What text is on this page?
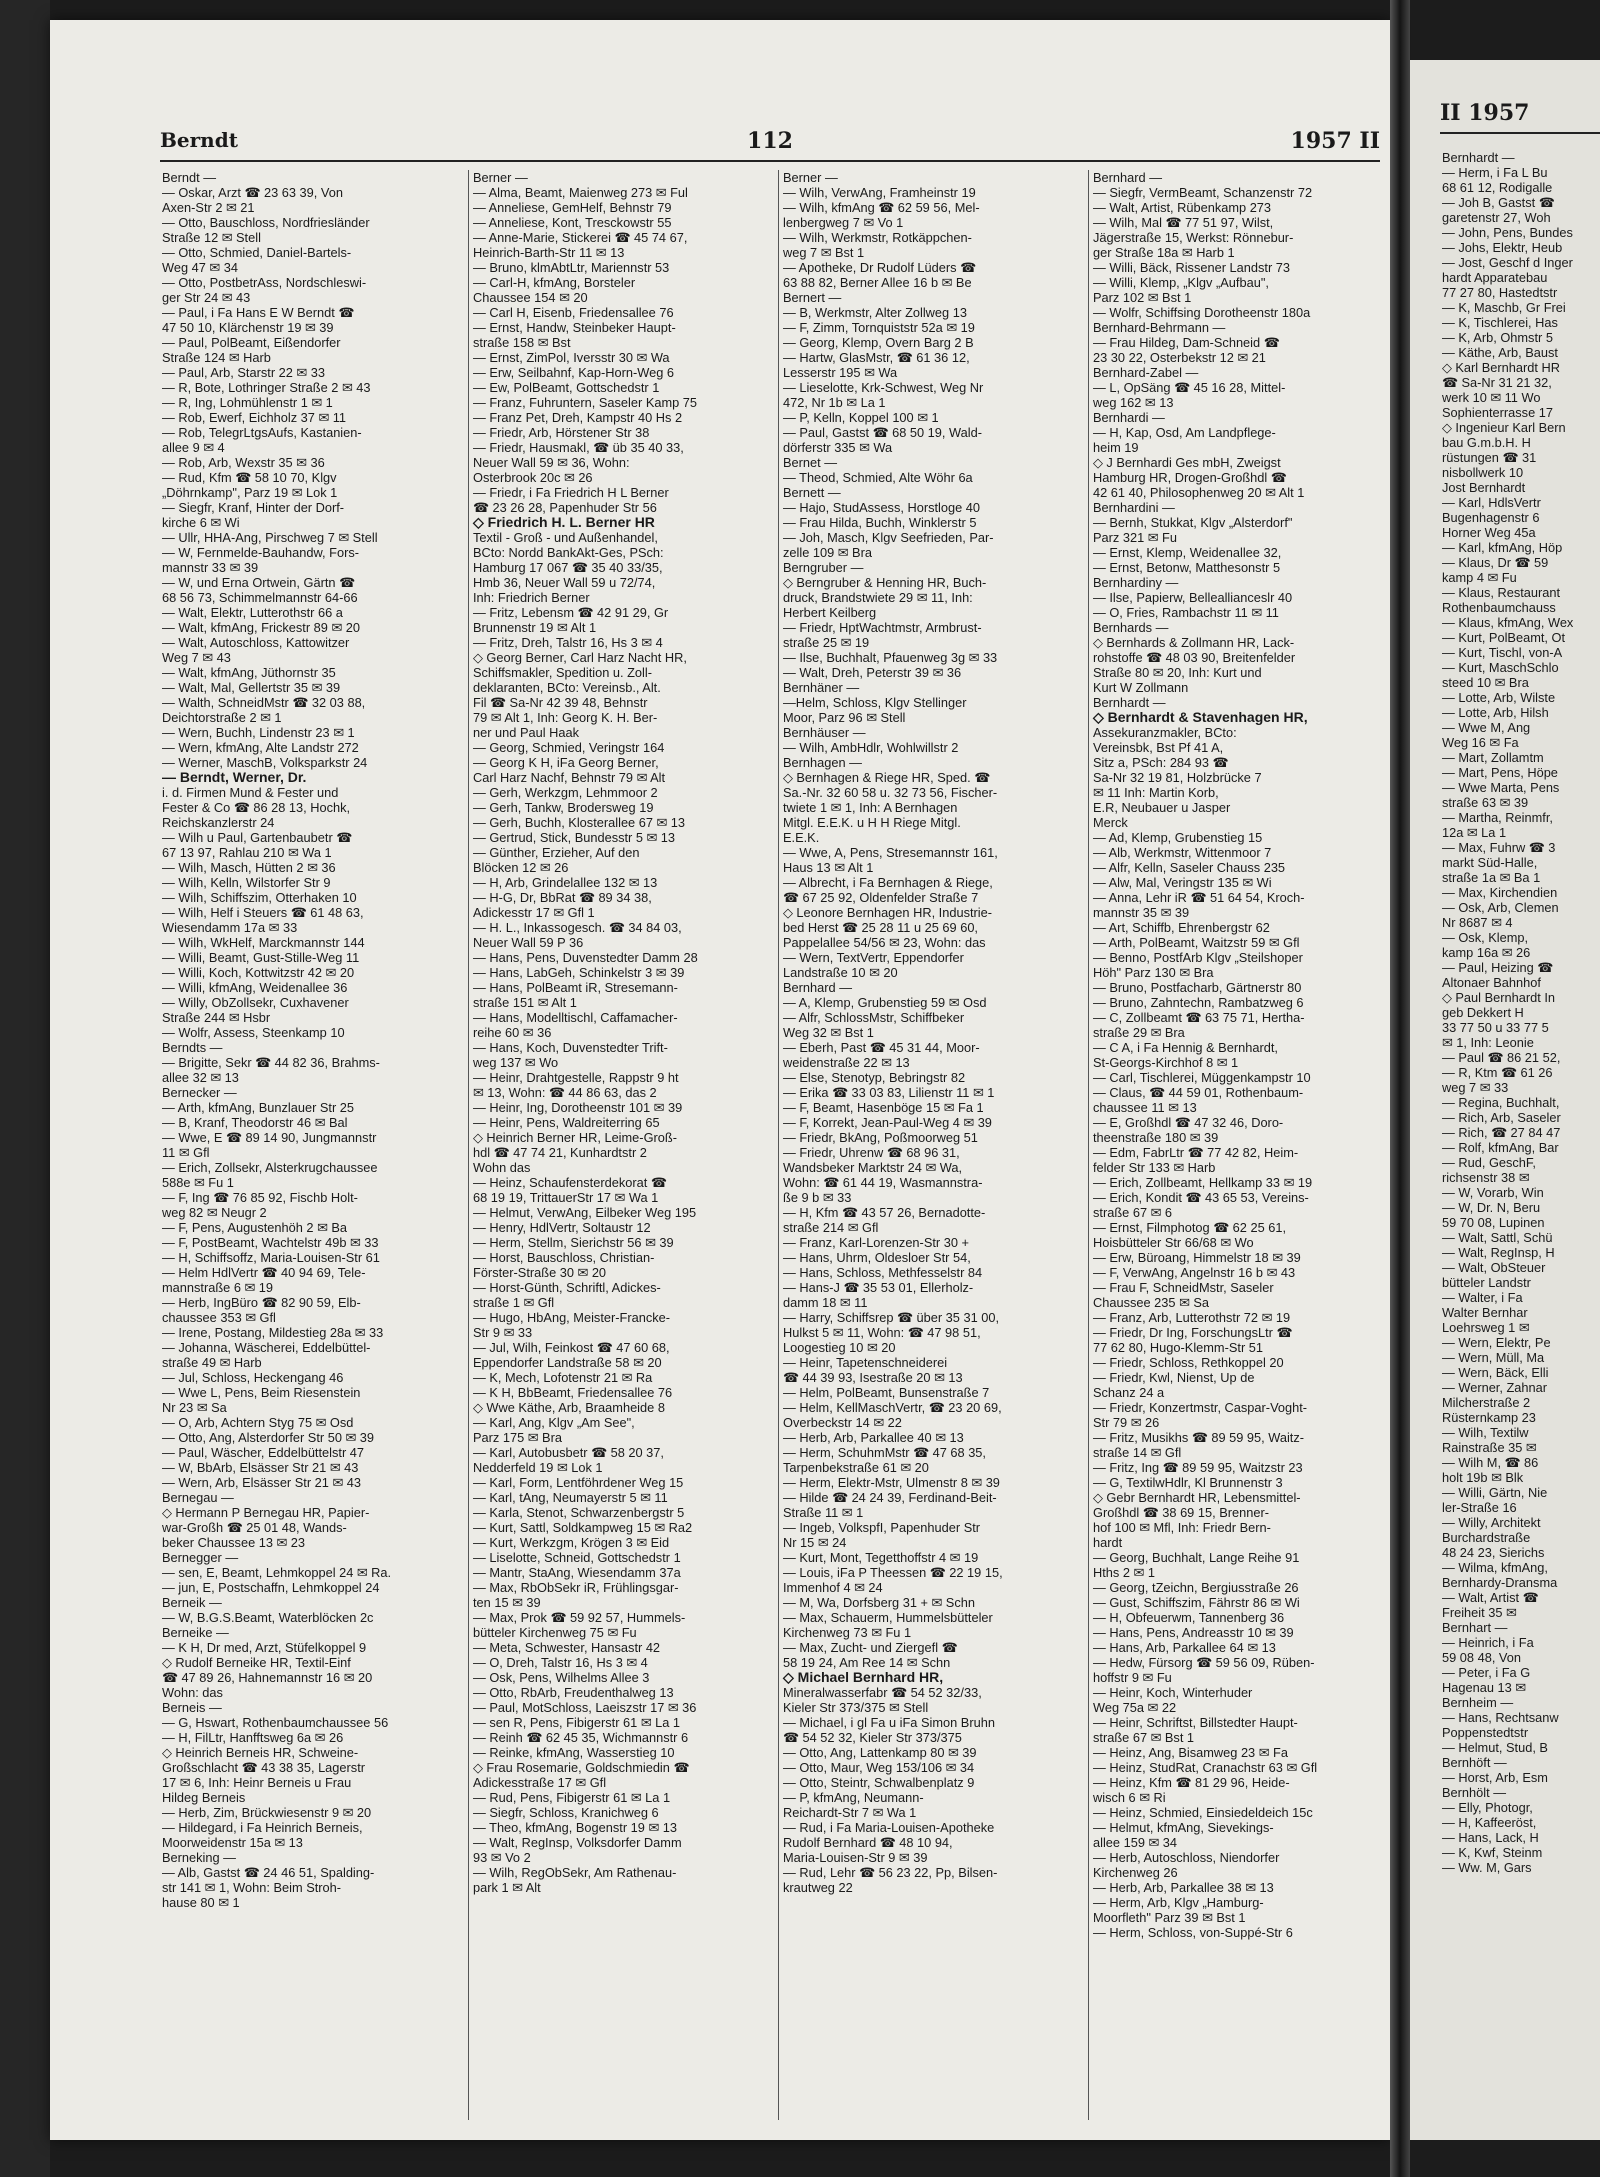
Berndt	112	1957 II
Berndt —
— Oskar, Arzt ☎ 23 63 39, Von
Axen-Str 2 ✉ 21
— Otto, Bauschloss, Nordfriesländer
Straße 12 ✉ Stell
— Otto, Schmied, Daniel-Bartels-
Weg 47 ✉ 34
— Otto, PostbetrAss, Nordschleswi-
ger Str 24 ✉ 43
— Paul, i Fa Hans E W Berndt ☎
47 50 10, Klärchenstr 19 ✉ 39
— Paul, PolBeamt, Eißendorfer
Straße 124 ✉ Harb
— Paul, Arb, Starstr 22 ✉ 33
— R, Bote, Lothringer Straße 2 ✉ 43
— R, Ing, Lohmühlenstr 1 ✉ 1
— Rob, Ewerf, Eichholz 37 ✉ 11
— Rob, TelegrLtgsAufs, Kastanien-
allee 9 ✉ 4
— Rob, Arb, Wexstr 35 ✉ 36
— Rud, Kfm ☎ 58 10 70, Klgv
„Döhrnkamp", Parz 19 ✉ Lok 1
— Siegfr, Kranf, Hinter der Dorf-
kirche 6 ✉ Wi
— Ullr, HHA-Ang, Pirschweg 7 ✉ Stell
— W, Fernmelde-Bauhandw, Fors-
mannstr 33 ✉ 39
— W, und Erna Ortwein, Gärtn ☎
68 56 73, Schimmelmannstr 64-66
— Walt, Elektr, Lutterothstr 66 a
— Walt, kfmAng, Frickestr 89 ✉ 20
— Walt, Autoschloss, Kattowitzer
Weg 7 ✉ 43
— Walt, kfmAng, Jüthornstr 35
— Walt, Mal, Gellertstr 35 ✉ 39
— Walth, SchneidMstr ☎ 32 03 88,
Deichtorstraße 2 ✉ 1
— Wern, Buchh, Lindenstr 23 ✉ 1
— Wern, kfmAng, Alte Landstr 272
— Werner, MaschB, Volksparkstr 24
— Berndt, Werner, Dr.
i. d. Firmen Mund & Fester und
Fester & Co ☎ 86 28 13, Hochk,
Reichskanzlerstr 24
— Wilh u Paul, Gartenbaubetr ☎
67 13 97, Rahlau 210 ✉ Wa 1
— Wilh, Masch, Hütten 2 ✉ 36
— Wilh, Kelln, Wilstorfer Str 9
— Wilh, Schiffszim, Otterhaken 10
— Wilh, Helf i Steuers ☎ 61 48 63,
Wiesendamm 17a ✉ 33
— Wilh, WkHelf, Marckmannstr 144
— Willi, Beamt, Gust-Stille-Weg 11
— Willi, Koch, Kottwitzstr 42 ✉ 20
— Willi, kfmAng, Weidenallee 36
— Willy, ObZollsekr, Cuxhavener
Straße 244 ✉ Hsbr
— Wolfr, Assess, Steenkamp 10
Berndts —
— Brigitte, Sekr ☎ 44 82 36, Brahms-
allee 32 ✉ 13
Bernecker —
— Arth, kfmAng, Bunzlauer Str 25
— B, Kranf, Theodorstr 46 ✉ Bal
— Wwe, E ☎ 89 14 90, Jungmannstr
11 ✉ Gfl
— Erich, Zollsekr, Alsterkrugchaussee
588e ✉ Fu 1
— F, Ing ☎ 76 85 92, Fischb Holt-
weg 82 ✉ Neugr 2
— F, Pens, Augustenhöh 2 ✉ Ba
— F, PostBeamt, Wachtelstr 49b ✉ 33
— H, Schiffsoffz, Maria-Louisen-Str 61
— Helm HdlVertr ☎ 40 94 69, Tele-
mannstraße 6 ✉ 19
— Herb, IngBüro ☎ 82 90 59, Elb-
chaussee 353 ✉ Gfl
— Irene, Postang, Mildestieg 28a ✉ 33
— Johanna, Wäscherei, Eddelbüttel-
straße 49 ✉ Harb
— Jul, Schloss, Heckengang 46
— Wwe L, Pens, Beim Riesenstein
Nr 23 ✉ Sa
— O, Arb, Achtern Styg 75 ✉ Osd
— Otto, Ang, Alsterdorfer Str 50 ✉ 39
— Paul, Wäscher, Eddelbüttelstr 47
— W, BbArb, Elsässer Str 21 ✉ 43
— Wern, Arb, Elsässer Str 21 ✉ 43
Bernegau —
◇ Hermann P Bernegau HR, Papier-
war-Großh ☎ 25 01 48, Wands-
beker Chaussee 13 ✉ 23
Bernegger —
— sen, E, Beamt, Lehmkoppel 24 ✉ Ra.
— jun, E, Postschaffn, Lehmkoppel 24
Berneik —
— W, B.G.S.Beamt, Waterblöcken 2c
Berneike —
— K H, Dr med, Arzt, Stüfelkoppel 9
◇ Rudolf Berneike HR, Textil-Einf
☎ 47 89 26, Hahnemannstr 16 ✉ 20
Wohn: das
Berneis —
— G, Hswart, Rothenbaumchaussee 56
— H, FilLtr, Hanfftsweg 6a ✉ 26
◇ Heinrich Berneis HR, Schweine-
Großschlacht ☎ 43 38 35, Lagerstr
17 ✉ 6, Inh: Heinr Berneis u Frau
Hildeg Berneis
— Herb, Zim, Brückwiesenstr 9 ✉ 20
— Hildegard, i Fa Heinrich Berneis,
Moorweidenstr 15a ✉ 13
Berneking —
— Alb, Gastst ☎ 24 46 51, Spalding-
str 141 ✉ 1, Wohn: Beim Stroh-
hause 80 ✉ 1
Berner —
— Alma, Beamt, Maienweg 273 ✉ Ful
— Anneliese, GemHelf, Behnstr 79
— Anneliese, Kont, Tresckowstr 55
— Anne-Marie, Stickerei ☎ 45 74 67,
Heinrich-Barth-Str 11 ✉ 13
— Bruno, klmAbtLtr, Mariennstr 53
— Carl-H, kfmAng, Borsteler
Chaussee 154 ✉ 20
— Carl H, Eisenb, Friedensallee 76
— Ernst, Handw, Steinbeker Haupt-
straße 158 ✉ Bst
— Ernst, ZimPol, Iversstr 30 ✉ Wa
— Erw, Seilbahnf, Kap-Horn-Weg 6
— Ew, PolBeamt, Gottschedstr 1
— Franz, Fuhruntern, Saseler Kamp 75
— Franz Pet, Dreh, Kampstr 40 Hs 2
— Friedr, Arb, Hörstener Str 38
— Friedr, Hausmakl, ☎ üb 35 40 33,
Neuer Wall 59 ✉ 36, Wohn:
Osterbrook 20c ✉ 26
— Friedr, i Fa Friedrich H L Berner
☎ 23 26 28, Papenhuder Str 56
◇ Friedrich H. L. Berner HR
Textil - Groß - und Außenhandel,
BCto: Nordd BankAkt-Ges, PSch:
Hamburg 17 067 ☎ 35 40 33/35,
Hmb 36, Neuer Wall 59 u 72/74,
Inh: Friedrich Berner
— Fritz, Lebensm ☎ 42 91 29, Gr
Brunnenstr 19 ✉ Alt 1
— Fritz, Dreh, Talstr 16, Hs 3 ✉ 4
◇ Georg Berner, Carl Harz Nacht HR,
Schiffsmakler, Spedition u. Zoll-
deklaranten, BCto: Vereinsb., Alt.
Fil ☎ Sa-Nr 42 39 48, Behnstr
79 ✉ Alt 1, Inh: Georg K. H. Ber-
ner und Paul Haak
— Georg, Schmied, Veringstr 164
— Georg K H, iFa Georg Berner,
Carl Harz Nachf, Behnstr 79 ✉ Alt
— Gerh, Werkzgm, Lehmmoor 2
— Gerh, Tankw, Brodersweg 19
— Gerh, Buchh, Klosterallee 67 ✉ 13
— Gertrud, Stick, Bundesstr 5 ✉ 13
— Günther, Erzieher, Auf den
Blöcken 12 ✉ 26
— H, Arb, Grindelallee 132 ✉ 13
— H-G, Dr, BbRat ☎ 89 34 38,
Adickesstr 17 ✉ Gfl 1
— H. L., Inkassogesch. ☎ 34 84 03,
Neuer Wall 59 P 36
— Hans, Pens, Duvenstedter Damm 28
— Hans, LabGeh, Schinkelstr 3 ✉ 39
— Hans, PolBeamt iR, Stresemann-
straße 151 ✉ Alt 1
— Hans, Modelltischl, Caffamacher-
reihe 60 ✉ 36
— Hans, Koch, Duvenstedter Trift-
weg 137 ✉ Wo
— Heinr, Drahtgestelle, Rappstr 9 ht
✉ 13, Wohn: ☎ 44 86 63, das 2
— Heinr, Ing, Dorotheenstr 101 ✉ 39
— Heinr, Pens, Waldreiterring 65
◇ Heinrich Berner HR, Leime-Groß-
hdl ☎ 47 74 21, Kunhardtstr 2
Wohn das
— Heinz, Schaufensterdekorat ☎
68 19 19, TrittauerStr 17 ✉ Wa 1
— Helmut, VerwAng, Eilbeker Weg 195
— Henry, HdlVertr, Soltaustr 12
— Herm, Stellm, Sierichstr 56 ✉ 39
— Horst, Bauschloss, Christian-
Förster-Straße 30 ✉ 20
— Horst-Günth, Schriftl, Adickes-
straße 1 ✉ Gfl
— Hugo, HbAng, Meister-Francke-
Str 9 ✉ 33
— Jul, Wilh, Feinkost ☎ 47 60 68,
Eppendorfer Landstraße 58 ✉ 20
— K, Mech, Lofotenstr 21 ✉ Ra
— K H, BbBeamt, Friedensallee 76
◇ Wwe Käthe, Arb, Braamheide 8
— Karl, Ang, Klgv „Am See",
Parz 175 ✉ Bra
— Karl, Autobusbetr ☎ 58 20 37,
Nedderfeld 19 ✉ Lok 1
— Karl, Form, Lentföhrdener Weg 15
— Karl, tAng, Neumayerstr 5 ✉ 11
— Karla, Stenot, Schwarzenbergstr 5
— Kurt, Sattl, Soldkampweg 15 ✉ Ra2
— Kurt, Werkzgm, Krögen 3 ✉ Eid
— Liselotte, Schneid, Gottschedstr 1
— Mantr, StaAng, Wiesendamm 37a
— Max, RbObSekr iR, Frühlingsgar-
ten 15 ✉ 39
— Max, Prok ☎ 59 92 57, Hummels-
bütteler Kirchenweg 75 ✉ Fu
— Meta, Schwester, Hansastr 42
— O, Dreh, Talstr 16, Hs 3 ✉ 4
— Osk, Pens, Wilhelms Allee 3
— Otto, RbArb, Freudenthalweg 13
— Paul, MotSchloss, Laeiszstr 17 ✉ 36
— sen R, Pens, Fibigerstr 61 ✉ La 1
— Reinh ☎ 62 45 35, Wichmannstr 6
— Reinke, kfmAng, Wasserstieg 10
◇ Frau Rosemarie, Goldschmiedin ☎
Adickesstraße 17 ✉ Gfl
— Rud, Pens, Fibigerstr 61 ✉ La 1
— Siegfr, Schloss, Kranichweg 6
— Theo, kfmAng, Bogenstr 19 ✉ 13
— Walt, RegInsp, Volksdorfer Damm
93 ✉ Vo 2
— Wilh, RegObSekr, Am Rathenau-
park 1 ✉ Alt
Berner —
— Wilh, VerwAng, Framheinstr 19
— Wilh, kfmAng ☎ 62 59 56, Mel-
lenbergweg 7 ✉ Vo 1
— Wilh, Werkmstr, Rotkäppchen-
weg 7 ✉ Bst 1
— Apotheke, Dr Rudolf Lüders ☎
63 88 82, Berner Allee 16 b ✉ Be
Bernert —
— B, Werkmstr, Alter Zollweg 13
— F, Zimm, Tornquiststr 52a ✉ 19
— Georg, Klemp, Overn Barg 2 B
— Hartw, GlasMstr, ☎ 61 36 12,
Lesserstr 195 ✉ Wa
— Lieselotte, Krk-Schwest, Weg Nr
472, Nr 1b ✉ La 1
— P, Kelln, Koppel 100 ✉ 1
— Paul, Gastst ☎ 68 50 19, Wald-
dörferstr 335 ✉ Wa
Bernet —
— Theod, Schmied, Alte Wöhr 6a
Bernett —
— Hajo, StudAssess, Horstloge 40
— Frau Hilda, Buchh, Winklerstr 5
— Joh, Masch, Klgv Seefrieden, Par-
zelle 109 ✉ Bra
Berngruber —
◇ Berngruber & Henning HR, Buch-
druck, Brandstwiete 29 ✉ 11, Inh:
Herbert Keilberg
— Friedr, HptWachtmstr, Armbrust-
straße 25 ✉ 19
— Ilse, Buchhalt, Pfauenweg 3g ✉ 33
— Walt, Dreh, Peterstr 39 ✉ 36
Bernhäner —
—Helm, Schloss, Klgv Stellinger
Moor, Parz 96 ✉ Stell
Bernhäuser —
— Wilh, AmbHdlr, Wohlwillstr 2
Bernhagen —
◇ Bernhagen & Riege HR, Sped. ☎
Sa.-Nr. 32 60 58 u. 32 73 56, Fischer-
twiete 1 ✉ 1, Inh: A Bernhagen
Mitgl. E.E.K. u H H Riege Mitgl.
E.E.K.
— Wwe, A, Pens, Stresemannstr 161,
Haus 13 ✉ Alt 1
— Albrecht, i Fa Bernhagen & Riege,
☎ 67 25 92, Oldenfelder Straße 7
◇ Leonore Bernhagen HR, Industrie-
bed Herst ☎ 25 28 11 u 25 69 60,
Pappelallee 54/56 ✉ 23, Wohn: das
— Wern, TextVertr, Eppendorfer
Landstraße 10 ✉ 20
Bernhard —
— A, Klemp, Grubenstieg 59 ✉ Osd
— Alfr, SchlossMstr, Schiffbeker
Weg 32 ✉ Bst 1
— Eberh, Past ☎ 45 31 44, Moor-
weidenstraße 22 ✉ 13
— Else, Stenotyp, Bebringstr 82
— Erika ☎ 33 03 83, Lilienstr 11 ✉ 1
— F, Beamt, Hasenböge 15 ✉ Fa 1
— F, Korrekt, Jean-Paul-Weg 4 ✉ 39
— Friedr, BkAng, Poßmoorweg 51
— Friedr, Uhrenw ☎ 68 96 31,
Wandsbeker Marktstr 24 ✉ Wa,
Wohn: ☎ 61 44 19, Wasmannstra-
ße 9 b ✉ 33
— H, Kfm ☎ 43 57 26, Bernadotte-
straße 214 ✉ Gfl
— Franz, Karl-Lorenzen-Str 30 +
— Hans, Uhrm, Oldesloer Str 54,
— Hans, Schloss, Methfesselstr 84
— Hans-J ☎ 35 53 01, Ellerholz-
damm 18 ✉ 11
— Harry, Schiffsrep ☎ über 35 31 00,
Hulkst 5 ✉ 11, Wohn: ☎ 47 98 51,
Loogestieg 10 ✉ 20
— Heinr, Tapetenschneiderei
☎ 44 39 93, Isestraße 20 ✉ 13
— Helm, PolBeamt, Bunsenstraße 7
— Helm, KellMaschVertr, ☎ 23 20 69,
Overbeckstr 14 ✉ 22
— Herb, Arb, Parkallee 40 ✉ 13
— Herm, SchuhmMstr ☎ 47 68 35,
Tarpenbekstraße 61 ✉ 20
— Herm, Elektr-Mstr, Ulmenstr 8 ✉ 39
— Hilde ☎ 24 24 39, Ferdinand-Beit-
Straße 11 ✉ 1
— Ingeb, VolkspfI, Papenhuder Str
Nr 15 ✉ 24
— Kurt, Mont, Tegetthoffstr 4 ✉ 19
— Louis, iFa P Theessen ☎ 22 19 15,
Immenhof 4 ✉ 24
— M, Wa, Dorfsberg 31 + ✉ Schn
— Max, Schauerm, Hummelsbütteler
Kirchenweg 73 ✉ Fu 1
— Max, Zucht- und Ziergefl ☎
58 19 24, Am Ree 14 ✉ Schn
◇ Michael Bernhard HR,
Mineralwasserfabr ☎ 54 52 32/33,
Kieler Str 373/375 ✉ Stell
— Michael, i gl Fa u iFa Simon Bruhn
☎ 54 52 32, Kieler Str 373/375
— Otto, Ang, Lattenkamp 80 ✉ 39
— Otto, Maur, Weg 153/106 ✉ 34
— Otto, Steintr, Schwalbenplatz 9
— P, kfmAng, Neumann-
Reichardt-Str 7 ✉ Wa 1
— Rud, i Fa Maria-Louisen-Apotheke
Rudolf Bernhard ☎ 48 10 94,
Maria-Louisen-Str 9 ✉ 39
— Rud, Lehr ☎ 56 23 22, Pp, Bilsen-
krautweg 22
Bernhard —
— Siegfr, VermBeamt, Schanzenstr 72
— Walt, Artist, Rübenkamp 273
— Wilh, Mal ☎ 77 51 97, Wilst,
Jägerstraße 15, Werkst: Rönnebur-
ger Straße 18a ✉ Harb 1
— Willi, Bäck, Rissener Landstr 73
— Willi, Klemp, „Klgv „Aufbau",
Parz 102 ✉ Bst 1
— Wolfr, Schiffsing Dorotheenstr 180a
Bernhard-Behrmann —
— Frau Hildeg, Dam-Schneid ☎
23 30 22, Osterbekstr 12 ✉ 21
Bernhard-Zabel —
— L, OpSäng ☎ 45 16 28, Mittel-
weg 162 ✉ 13
Bernhardi —
— H, Kap, Osd, Am Landpflege-
heim 19
◇ J Bernhardi Ges mbH, Zweigst
Hamburg HR, Drogen-Großhdl ☎
42 61 40, Philosophenweg 20 ✉ Alt 1
Bernhardini —
— Bernh, Stukkat, Klgv „Alsterdorf"
Parz 321 ✉ Fu
— Ernst, Klemp, Weidenallee 32,
— Ernst, Betonw, Matthesonstr 5
Bernhardiny —
— Ilse, Papierw, Belleallianceslr 40
— O, Fries, Rambachstr 11 ✉ 11
Bernhards —
◇ Bernhards & Zollmann HR, Lack-
rohstoffe ☎ 48 03 90, Breitenfelder
Straße 80 ✉ 20, Inh: Kurt und
Kurt W Zollmann
Bernhardt —
◇ Bernhardt & Stavenhagen HR,
Assekuranzmakler, BCto:
Vereinsbk, Bst Pf 41 A,
Sitz a, PSch: 284 93 ☎
Sa-Nr 32 19 81, Holzbrücke 7
✉ 11 Inh: Martin Korb,
E.R, Neubauer u Jasper
Merck
— Ad, Klemp, Grubenstieg 15
— Alb, Werkmstr, Wittenmoor 7
— Alfr, Kelln, Saseler Chauss 235
— Alw, Mal, Veringstr 135 ✉ Wi
— Anna, Lehr iR ☎ 51 64 54, Kroch-
mannstr 35 ✉ 39
— Art, Schiffb, Ehrenbergstr 62
— Arth, PolBeamt, Waitzstr 59 ✉ Gfl
— Benno, PostfArb Klgv „Steilshoper
Höh" Parz 130 ✉ Bra
— Bruno, Postfacharb, Gärtnerstr 80
— Bruno, Zahntechn, Rambatzweg 6
— C, Zollbeamt ☎ 63 75 71, Hertha-
straße 29 ✉ Bra
— C A, i Fa Hennig & Bernhardt,
St-Georgs-Kirchhof 8 ✉ 1
— Carl, Tischlerei, Müggenkampstr 10
— Claus, ☎ 44 59 01, Rothenbaum-
chaussee 11 ✉ 13
— E, Großhdl ☎ 47 32 46, Doro-
theenstraße 180 ✉ 39
— Edm, FabrLtr ☎ 77 42 82, Heim-
felder Str 133 ✉ Harb
— Erich, Zollbeamt, Hellkamp 33 ✉ 19
— Erich, Kondit ☎ 43 65 53, Vereins-
straße 67 ✉ 6
— Ernst, Filmphotog ☎ 62 25 61,
Hoisbütteler Str 66/68 ✉ Wo
— Erw, Büroang, Himmelstr 18 ✉ 39
— F, VerwAng, Angelnstr 16 b ✉ 43
— Frau F, SchneidMstr, Saseler
Chaussee 235 ✉ Sa
— Franz, Arb, Lutterothstr 72 ✉ 19
— Friedr, Dr Ing, ForschungsLtr ☎
77 62 80, Hugo-Klemm-Str 51
— Friedr, Schloss, Rethkoppel 20
— Friedr, Kwl, Nienst, Up de
Schanz 24 a
— Friedr, Konzertmstr, Caspar-Voght-
Str 79 ✉ 26
— Fritz, Musikhs ☎ 89 59 95, Waitz-
straße 14 ✉ Gfl
— Fritz, Ing ☎ 89 59 95, Waitzstr 23
— G, TextilwHdlr, Kl Brunnenstr 3
◇ Gebr Bernhardt HR, Lebensmittel-
Großhdl ☎ 38 69 15, Brenner-
hof 100 ✉ Mfl, Inh: Friedr Bern-
hardt
— Georg, Buchhalt, Lange Reihe 91
Hths 2 ✉ 1
— Georg, tZeichn, Bergiusstraße 26
— Gust, Schiffszim, Fährstr 86 ✉ Wi
— H, Obfeuerwm, Tannenberg 36
— Hans, Pens, Andreasstr 10 ✉ 39
— Hans, Arb, Parkallee 64 ✉ 13
— Hedw, Fürsorg ☎ 59 56 09, Rüben-
hoffstr 9 ✉ Fu
— Heinr, Koch, Winterhuder
Weg 75a ✉ 22
— Heinr, Schriftst, Billstedter Haupt-
straße 67 ✉ Bst 1
— Heinz, Ang, Bisamweg 23 ✉ Fa
— Heinz, StudRat, Cranachstr 63 ✉ Gfl
— Heinz, Kfm ☎ 81 29 96, Heide-
wisch 6 ✉ Ri
— Heinz, Schmied, Einsiedeldeich 15c
— Helmut, kfmAng, Sievekings-
allee 159 ✉ 34
— Herb, Autoschloss, Niendorfer
Kirchenweg 26
— Herb, Arb, Parkallee 38 ✉ 13
— Herm, Arb, Klgv „Hamburg-
Moorfleth" Parz 39 ✉ Bst 1
— Herm, Schloss, von-Suppé-Str 6
II 1957
Bernhardt —
— Herm, i Fa L Bu
68 61 12, Rodigalle
— Joh B, Gastst ☎
garetenstr 27, Woh
— John, Pens, Bundes
— Johs, Elektr, Heub
— Jost, Geschf d Inger
hardt Apparatebau
77 27 80, Hastedtstr
— K, Maschb, Gr Frei
— K, Tischlerei, Has
— K, Arb, Ohmstr 5
— Käthe, Arb, Baust
◇ Karl Bernhardt HR
☎ Sa-Nr 31 21 32,
werk 10 ✉ 11 Wo
Sophienterrasse 17
◇ Ingenieur Karl Bern
bau G.m.b.H. H
rüstungen ☎ 31
nisbollwerk 10
Jost Bernhardt
— Karl, HdlsVertr
Bugenhagenstr 6
Horner Weg 45a
— Karl, kfmAng, Höp
— Klaus, Dr ☎ 59
kamp 4 ✉ Fu
— Klaus, Restaurant
Rothenbaumchauss
— Klaus, kfmAng, Wex
— Kurt, PolBeamt, Ot
— Kurt, Tischl, von-A
— Kurt, MaschSchlo
steed 10 ✉ Bra
— Lotte, Arb, Wilste
— Lotte, Arb, Hilsh
— Wwe M, Ang
Weg 16 ✉ Fa
— Mart, Zollamtm
— Mart, Pens, Höpe
— Wwe Marta, Pens
straße 63 ✉ 39
— Martha, Reinmfr,
12a ✉ La 1
— Max, Fuhrw ☎ 3
markt Süd-Halle,
straße 1a ✉ Ba 1
— Max, Kirchendien
— Osk, Arb, Clemen
Nr 8687 ✉ 4
— Osk, Klemp,
kamp 16a ✉ 26
— Paul, Heizing ☎
Altonaer Bahnhof
◇ Paul Bernhardt In
geb Dekkert H
33 77 50 u 33 77 5
✉ 1, Inh: Leonie
— Paul ☎ 86 21 52,
— R, Ktm ☎ 61 26
weg 7 ✉ 33
— Regina, Buchhalt,
— Rich, Arb, Saseler
— Rich, ☎ 27 84 47
— Rolf, kfmAng, Bar
— Rud, GeschF,
richsenstr 38 ✉
— W, Vorarb, Win
— W, Dr. N, Beru
59 70 08, Lupinen
— Walt, Sattl, Schü
— Walt, RegInsp, H
— Walt, ObSteuer
bütteler Landstr
— Walter, i Fa
Walter Bernhar
Loehrsweg 1 ✉
— Wern, Elektr, Pe
— Wern, Müll, Ma
— Wern, Bäck, Elli
— Werner, Zahnar
Milcherstraße 2
Rüsternkamp 23
— Wilh, Textilw
Rainstraße 35 ✉
— Wilh M, ☎ 86
holt 19b ✉ Blk
— Willi, Gärtn, Nie
ler-Straße 16
— Willy, Architekt
Burchardstraße
48 24 23, Sierichs
— Wilma, kfmAng,
Bernhardy-Dransma
— Walt, Artist ☎
Freiheit 35 ✉
Bernhart —
— Heinrich, i Fa
59 08 48, Von
— Peter, i Fa G
Hagenau 13 ✉
Bernheim —
— Hans, Rechtsanw
Poppenstedtstr
— Helmut, Stud, B
Bernhöft —
— Horst, Arb, Esm
Bernhölt —
— Elly, Photogr,
— H, Kaffeeröst,
— Hans, Lack, H
— K, Kwf, Steinm
— Ww. M, Gars
